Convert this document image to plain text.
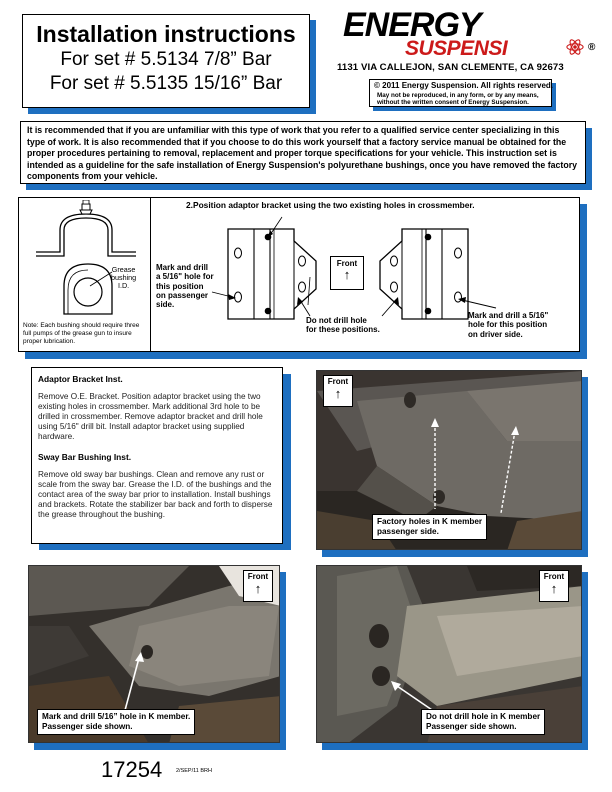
Installation instructions
For set # 5.5134 7/8” Bar
For set # 5.5135 15/16” Bar
ENERGY
SUSPENSI	®
1131 VIA CALLEJON, SAN CLEMENTE, CA 92673
© 2011 Energy Suspension. All rights reserved.
May not be reproduced, in any form, or by any means, without the written consent of Energy Suspension.
It is recommended that if you are unfamiliar with this type of work that you refer to a qualified service center specializing in this type of work. It is also recommended that if you choose to do this work yourself that a factory service manual be obtained for the proper procedures pertaining to removal, replacement and proper torque specifications for your vehicle. This instruction set is intended as a guideline for the safe installation of Energy Suspension's polyurethane bushings, once you have removed the factory components from your vehicle.
Grease
bushing
I.D.
Note: Each bushing should require three full pumps of the grease gun to insure proper lubrication.
2.Position adaptor bracket using the two existing holes in crossmember.
Mark and drill
a 5/16" hole for
this position
on passenger
side.
Do not drill hole
for these positions.
Mark and drill a 5/16"
hole for this position
on driver side.
Front
↑
Adaptor Bracket Inst.
Remove O.E. Bracket. Position adaptor bracket using the two existing holes in crossmember. Mark additional 3rd hole to be drilled in crossmember. Remove adaptor bracket and drill hole using 5/16" drill bit. Install adaptor bracket using supplied hardware.
Sway Bar Bushing Inst.
Remove old sway bar bushings. Clean and remove any rust or scale from the sway bar. Grease the I.D. of the bushings and the contact area of the sway bar prior to installation. Install bushings and brackets. Rotate the stabilizer bar back and forth to disperse the grease throughout the bushing.
Front
↑
Factory holes in K member
passenger side.
Front
↑
Mark and drill 5/16” hole in K member.
Passenger side shown.
Front
↑
Do not drill hole in K member
Passenger side shown.
17254	2/SEP/11 BRH
